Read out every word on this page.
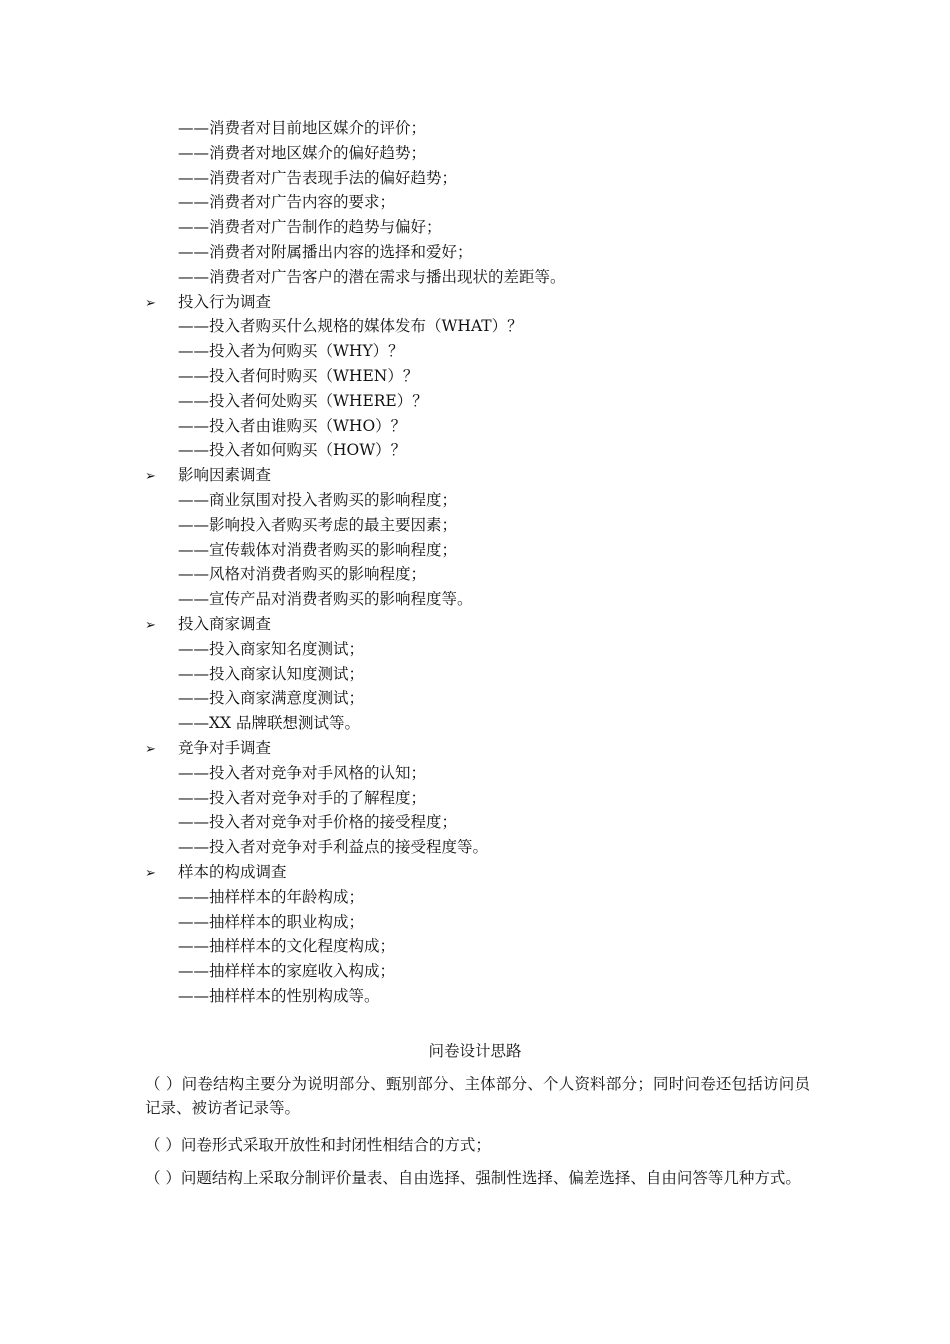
——消费者对目前地区媒介的评价；
——消费者对地区媒介的偏好趋势；
——消费者对广告表现手法的偏好趋势；
——消费者对广告内容的要求；
——消费者对广告制作的趋势与偏好；
——消费者对附属播出内容的选择和爱好；
——消费者对广告客户的潜在需求与播出现状的差距等。
➢ 投入行为调查
——投入者购买什么规格的媒体发布（WHAT）？
——投入者为何购买（WHY）？
——投入者何时购买（WHEN）？
——投入者何处购买（WHERE）？
——投入者由谁购买（WHO）？
——投入者如何购买（HOW）？
➢ 影响因素调查
——商业氛围对投入者购买的影响程度；
——影响投入者购买考虑的最主要因素；
——宣传载体对消费者购买的影响程度；
——风格对消费者购买的影响程度；
——宣传产品对消费者购买的影响程度等。
➢ 投入商家调查
——投入商家知名度测试；
——投入商家认知度测试；
——投入商家满意度测试；
——XX 品牌联想测试等。
➢ 竞争对手调查
——投入者对竞争对手风格的认知；
——投入者对竞争对手的了解程度；
——投入者对竞争对手价格的接受程度；
——投入者对竞争对手利益点的接受程度等。
➢ 样本的构成调查
——抽样样本的年龄构成；
——抽样样本的职业构成；
——抽样样本的文化程度构成；
——抽样样本的家庭收入构成；
——抽样样本的性别构成等。
问卷设计思路
（ ）问卷结构主要分为说明部分、甄别部分、主体部分、个人资料部分；同时问卷还包括访问员记录、被访者记录等。
（ ）问卷形式采取开放性和封闭性相结合的方式；
（ ）问题结构上采取分制评价量表、自由选择、强制性选择、偏差选择、自由问答等几种方式。
